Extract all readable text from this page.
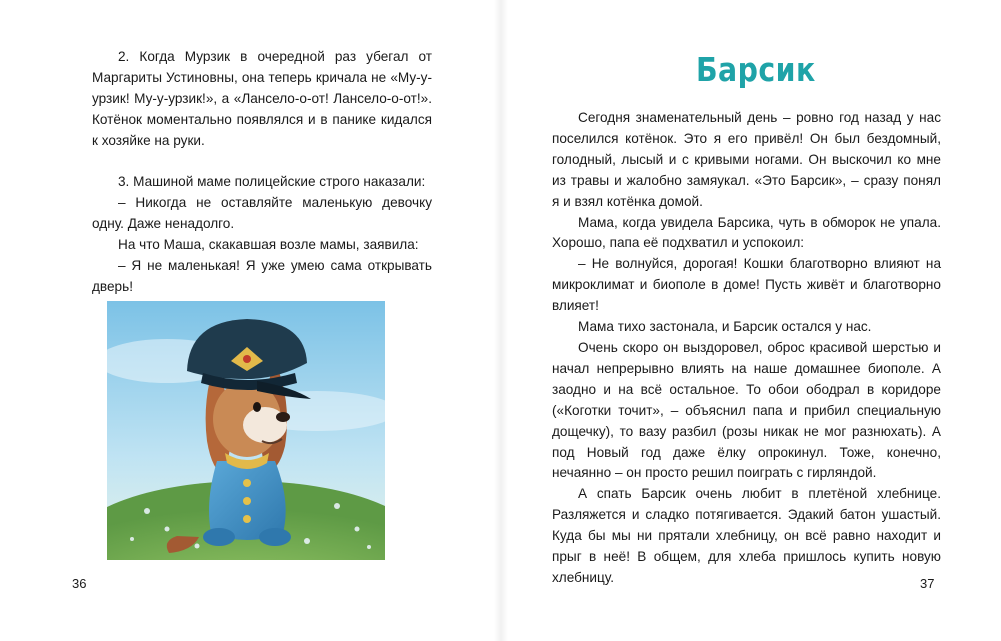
2. Когда Мурзик в очередной раз убегал от Маргариты Устиновны, она теперь кричала не «Му-у-урзик! Му-у-урзик!», а «Лансело-о-от! Лансело-о-от!». Котёнок моментально появлялся и в панике кидался к хозяйке на руки.

3. Машиной маме полицейские строго наказали:

– Никогда не оставляйте маленькую девочку одну. Даже ненадолго.

На что Маша, скакавшая возле мамы, заявила:

– Я не маленькая! Я уже умею сама открывать дверь!

36
Барсик

Сегодня знаменательный день – ровно год назад у нас поселился котёнок. Это я его привёл! Он был бездомный, голодный, лысый и с кривыми ногами. Он выскочил ко мне из травы и жалобно замяукал. «Это Барсик», – сразу понял я и взял котёнка домой.

Мама, когда увидела Барсика, чуть в обморок не упала. Хорошо, папа её подхватил и успокоил:

– Не волнуйся, дорогая! Кошки благотворно влияют на микроклимат и биополе в доме! Пусть живёт и благотворно влияет!

Мама тихо застонала, и Барсик остался у нас.

Очень скоро он выздоровел, оброс красивой шерстью и начал непрерывно влиять на наше домашнее биополе. А заодно и на всё остальное. То обои ободрал в коридоре («Коготки точит», – объяснил папа и прибил специальную дощечку), то вазу разбил (розы никак не мог разнюхать). А под Новый год даже ёлку опрокинул. Тоже, конечно, нечаянно – он просто решил поиграть с гирляндой.

А спать Барсик очень любит в плетёной хлебнице. Разляжется и сладко потягивается. Эдакий батон ушастый. Куда бы мы ни прятали хлебницу, он всё равно находит и прыг в неё! В общем, для хлеба пришлось купить новую хлебницу.	37
